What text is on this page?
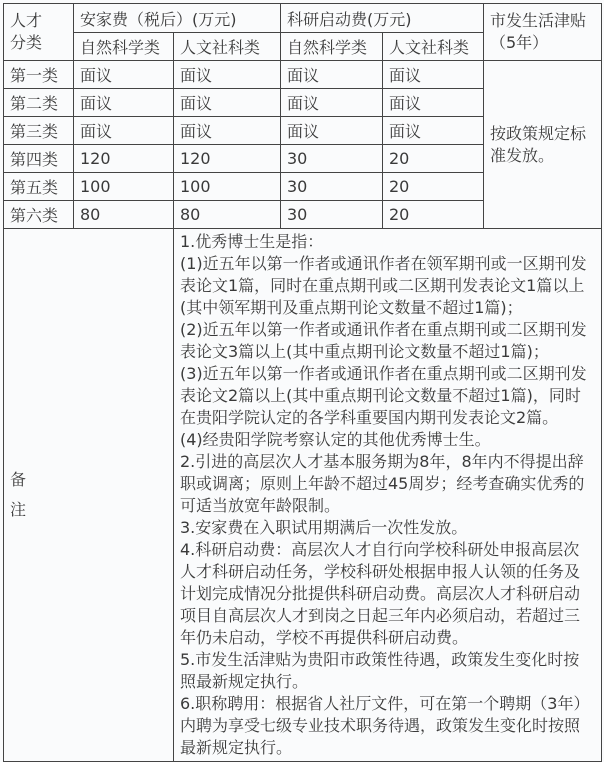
人才分类	安家费（税后）(万元)		科研启动费(万元)		市发生活津贴（5年）
	自然科学类	人文社科类	自然科学类	人文社科类	
第一类	面议	面议	面议	面议	按政策规定标准发放。
第二类	面议	面议	面议	面议	
第三类	面议	面议	面议	面议	
第四类	120	120	30	20	
第五类	100	100	30	20	
第六类	80	80	30	20	
备注	
1.优秀博士生是指：
(1)近五年以第一作者或通讯作者在领军期刊或一区期刊发表论文1篇，同时在重点期刊或二区期刊发表论文1篇以上(其中领军期刊及重点期刊论文数量不超过1篇)；
(2)近五年以第一作者或通讯作者在重点期刊或二区期刊发表论文3篇以上(其中重点期刊论文数量不超过1篇)；
(3)近五年以第一作者或通讯作者在重点期刊或二区期刊发表论文2篇以上(其中重点期刊论文数量不超过1篇)，同时在贵阳学院认定的各学科重要国内期刊发表论文2篇。
(4)经贵阳学院考察认定的其他优秀博士生。
2.引进的高层次人才基本服务期为8年，8年内不得提出辞职或调离；原则上年龄不超过45周岁；经考查确实优秀的可适当放宽年龄限制。
3.安家费在入职试用期满后一次性发放。
4.科研启动费：高层次人才自行向学校科研处申报高层次人才科研启动任务，学校科研处根据申报人认领的任务及计划完成情况分批提供科研启动费。高层次人才科研启动项目自高层次人才到岗之日起三年内必须启动，若超过三年仍未启动，学校不再提供科研启动费。
5.市发生活津贴为贵阳市政策性待遇，政策发生变化时按照最新规定执行。
6.职称聘用：根据省人社厅文件，可在第一个聘期（3年）内聘为享受七级专业技术职务待遇，政策发生变化时按照最新规定执行。
